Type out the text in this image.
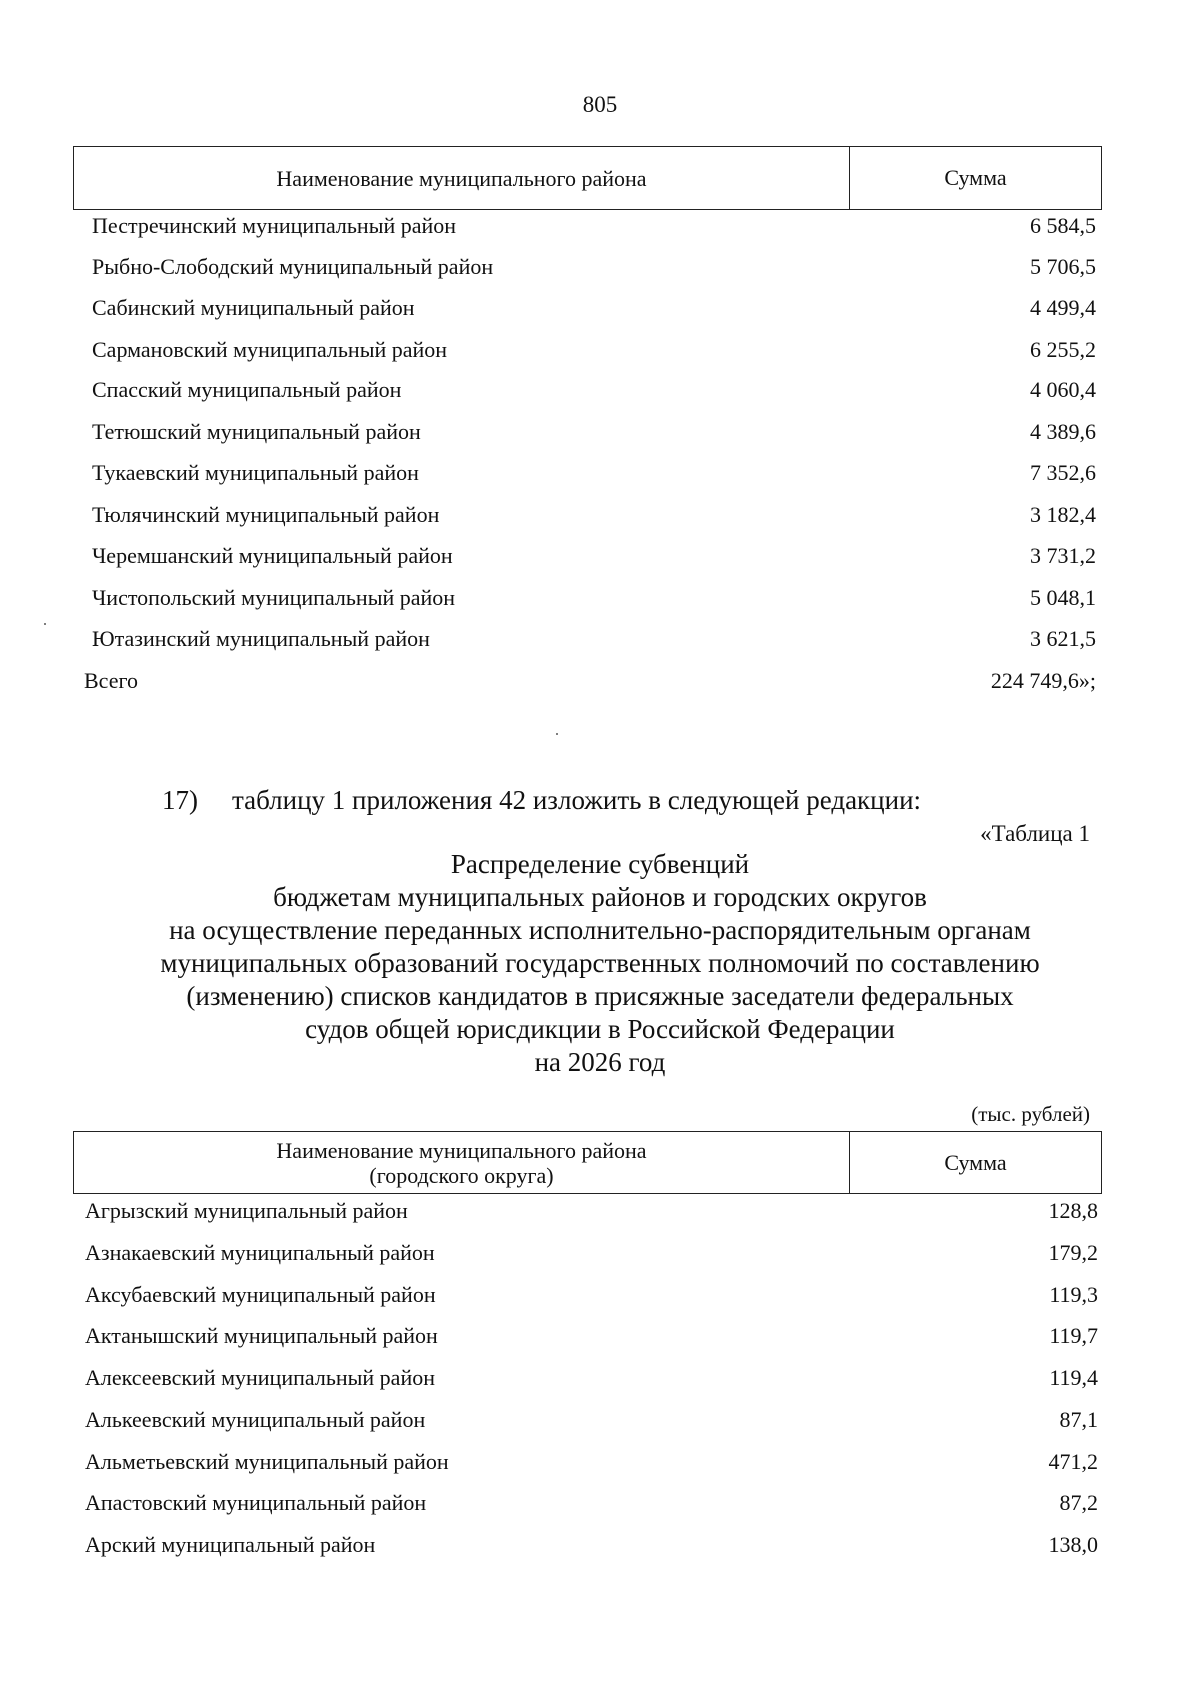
805
Наименование муниципального района	Сумма
Пестречинский муниципальный район	6 584,5
Рыбно-Слободский муниципальный район	5 706,5
Сабинский муниципальный район	4 499,4
Сармановский муниципальный район	6 255,2
Спасский муниципальный район	4 060,4
Тетюшский муниципальный район	4 389,6
Тукаевский муниципальный район	7 352,6
Тюлячинский муниципальный район	3 182,4
Черемшанский муниципальный район	3 731,2
Чистопольский муниципальный район	5 048,1
Ютазинский муниципальный район	3 621,5
Всего	224 749,6»;
17) таблицу 1 приложения 42 изложить в следующей редакции:
«Таблица 1
Распределение субвенций
бюджетам муниципальных районов и городских округов
на осуществление переданных исполнительно-распорядительным органам
муниципальных образований государственных полномочий по составлению
(изменению) списков кандидатов в присяжные заседатели федеральных
судов общей юрисдикции в Российской Федерации
на 2026 год
(тыс. рублей)
Наименование муниципального района
(городского округа)
Сумма
Агрызский муниципальный район	128,8
Азнакаевский муниципальный район	179,2
Аксубаевский муниципальный район	119,3
Актанышский муниципальный район	119,7
Алексеевский муниципальный район	119,4
Алькеевский муниципальный район	87,1
Альметьевский муниципальный район	471,2
Апастовский муниципальный район	87,2
Арский муниципальный район	138,0
